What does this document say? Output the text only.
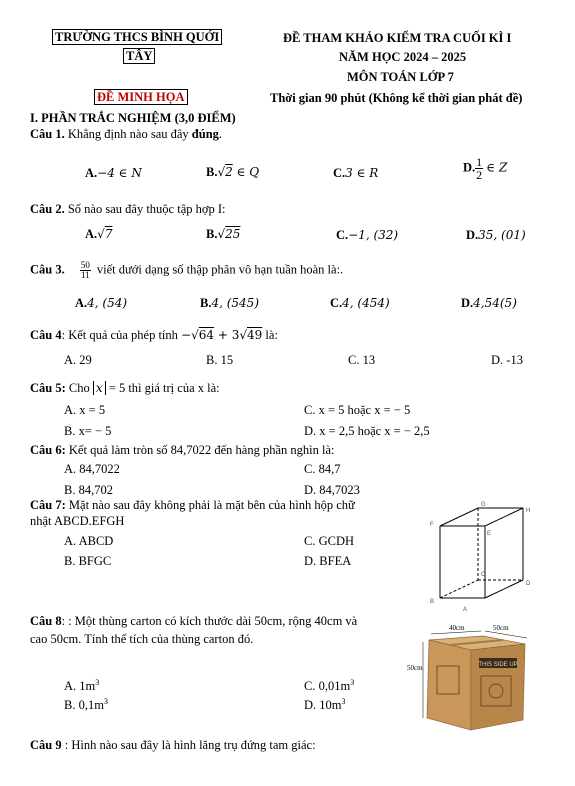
TRƯỜNG THCS BÌNH QUỚI
TÂY
ĐỀ MINH HỌA
ĐỀ THAM KHẢO KIỂM TRA CUỐI KÌ I
NĂM HỌC 2024 – 2025
MÔN TOÁN LỚP 7
Thời gian 90 phút (Không kể thời gian phát đề)
I. PHẦN TRẮC NGHIỆM (3,0 ĐIỂM)
Câu 1. Khẳng định nào sau đây đúng.
A.−4 ∈ N	B.√2 ∈ Q	C.3 ∈ R	D. $\frac{1}{2}$ ∈ Z
Câu 2. Số nào sau đây thuộc tập hợp I:
A.√7	B.√25	C.−1, (32)	D.35, (01)
Câu 3. $\frac{50}{11}$ viết dưới dạng số thập phân vô hạn tuần hoàn là:.
A.4, (54)	B.4, (545)	C.4, (454)	D.4,54(5)
Câu 4: Kết quả của phép tính −√64 + 3√49 là:
A. 29	B. 15	C. 13	D. -13
Câu 5: Cho x = 5 thì giá trị của x là:
A. x = 5	C. x = 5 hoặc x = − 5
B. x= − 5	D. x = 2,5 hoặc x = − 2,5
Câu 6: Kết quả làm tròn số 84,7022 đến hàng phần nghìn là:
A. 84,7022	C. 84,7
B. 84,702	D. 84,7023
Câu 7: Mặt nào sau đây không phải là mặt bên của hình hộp chữ
nhật ABCD.EFGH
A. ABCD	C. GCDH
B. BFGC	D. BFEA
G
H
F
E
C
D
B
A
Câu 8: : Một thùng carton có kích thước dài 50cm, rộng 40cm và
cao 50cm. Tính thể tích của thùng carton đó.
A. $1m^3$	C. $0,01m^3$
B. $0,1m^3$	D. $10m^3$
THIS SIDE UP
40cm	50cm
50cm
Câu 9 : Hình nào sau đây là hình lăng trụ đứng tam giác:
